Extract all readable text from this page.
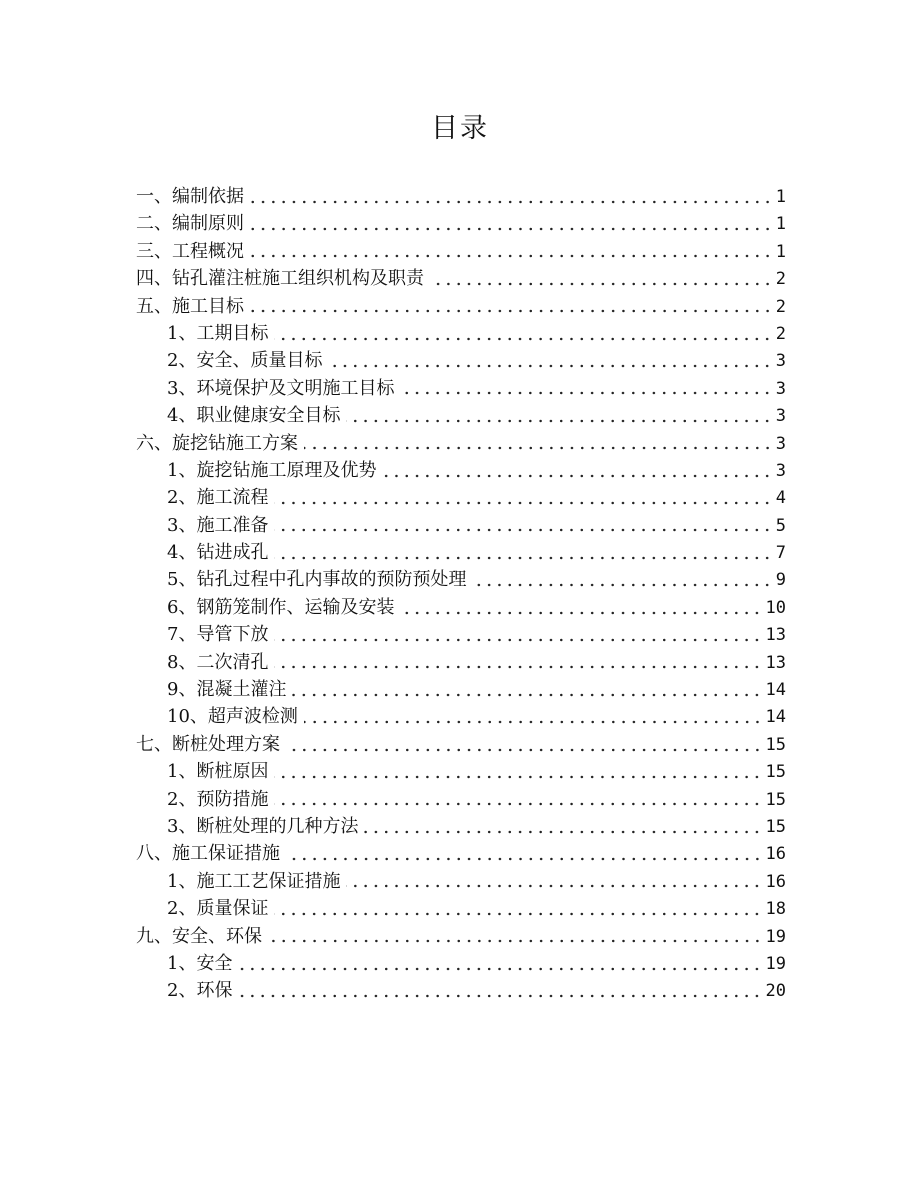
目录
一、编制依据	1
二、编制原则	1
三、工程概况	1
四、钻孔灌注桩施工组织机构及职责	2
五、施工目标	2
1、工期目标	2
2、安全、质量目标	3
3、环境保护及文明施工目标	3
4、职业健康安全目标	3
六、旋挖钻施工方案	3
1、旋挖钻施工原理及优势	3
2、施工流程	4
3、施工准备	5
4、钻进成孔	7
5、钻孔过程中孔内事故的预防预处理	9
6、钢筋笼制作、运输及安装	10
7、导管下放	13
8、二次清孔	13
9、混凝土灌注	14
10、超声波检测	14
七、断桩处理方案	15
1、断桩原因	15
2、预防措施	15
3、断桩处理的几种方法	15
八、施工保证措施	16
1、施工工艺保证措施	16
2、质量保证	18
九、安全、环保	19
1、安全	19
2、环保	20
